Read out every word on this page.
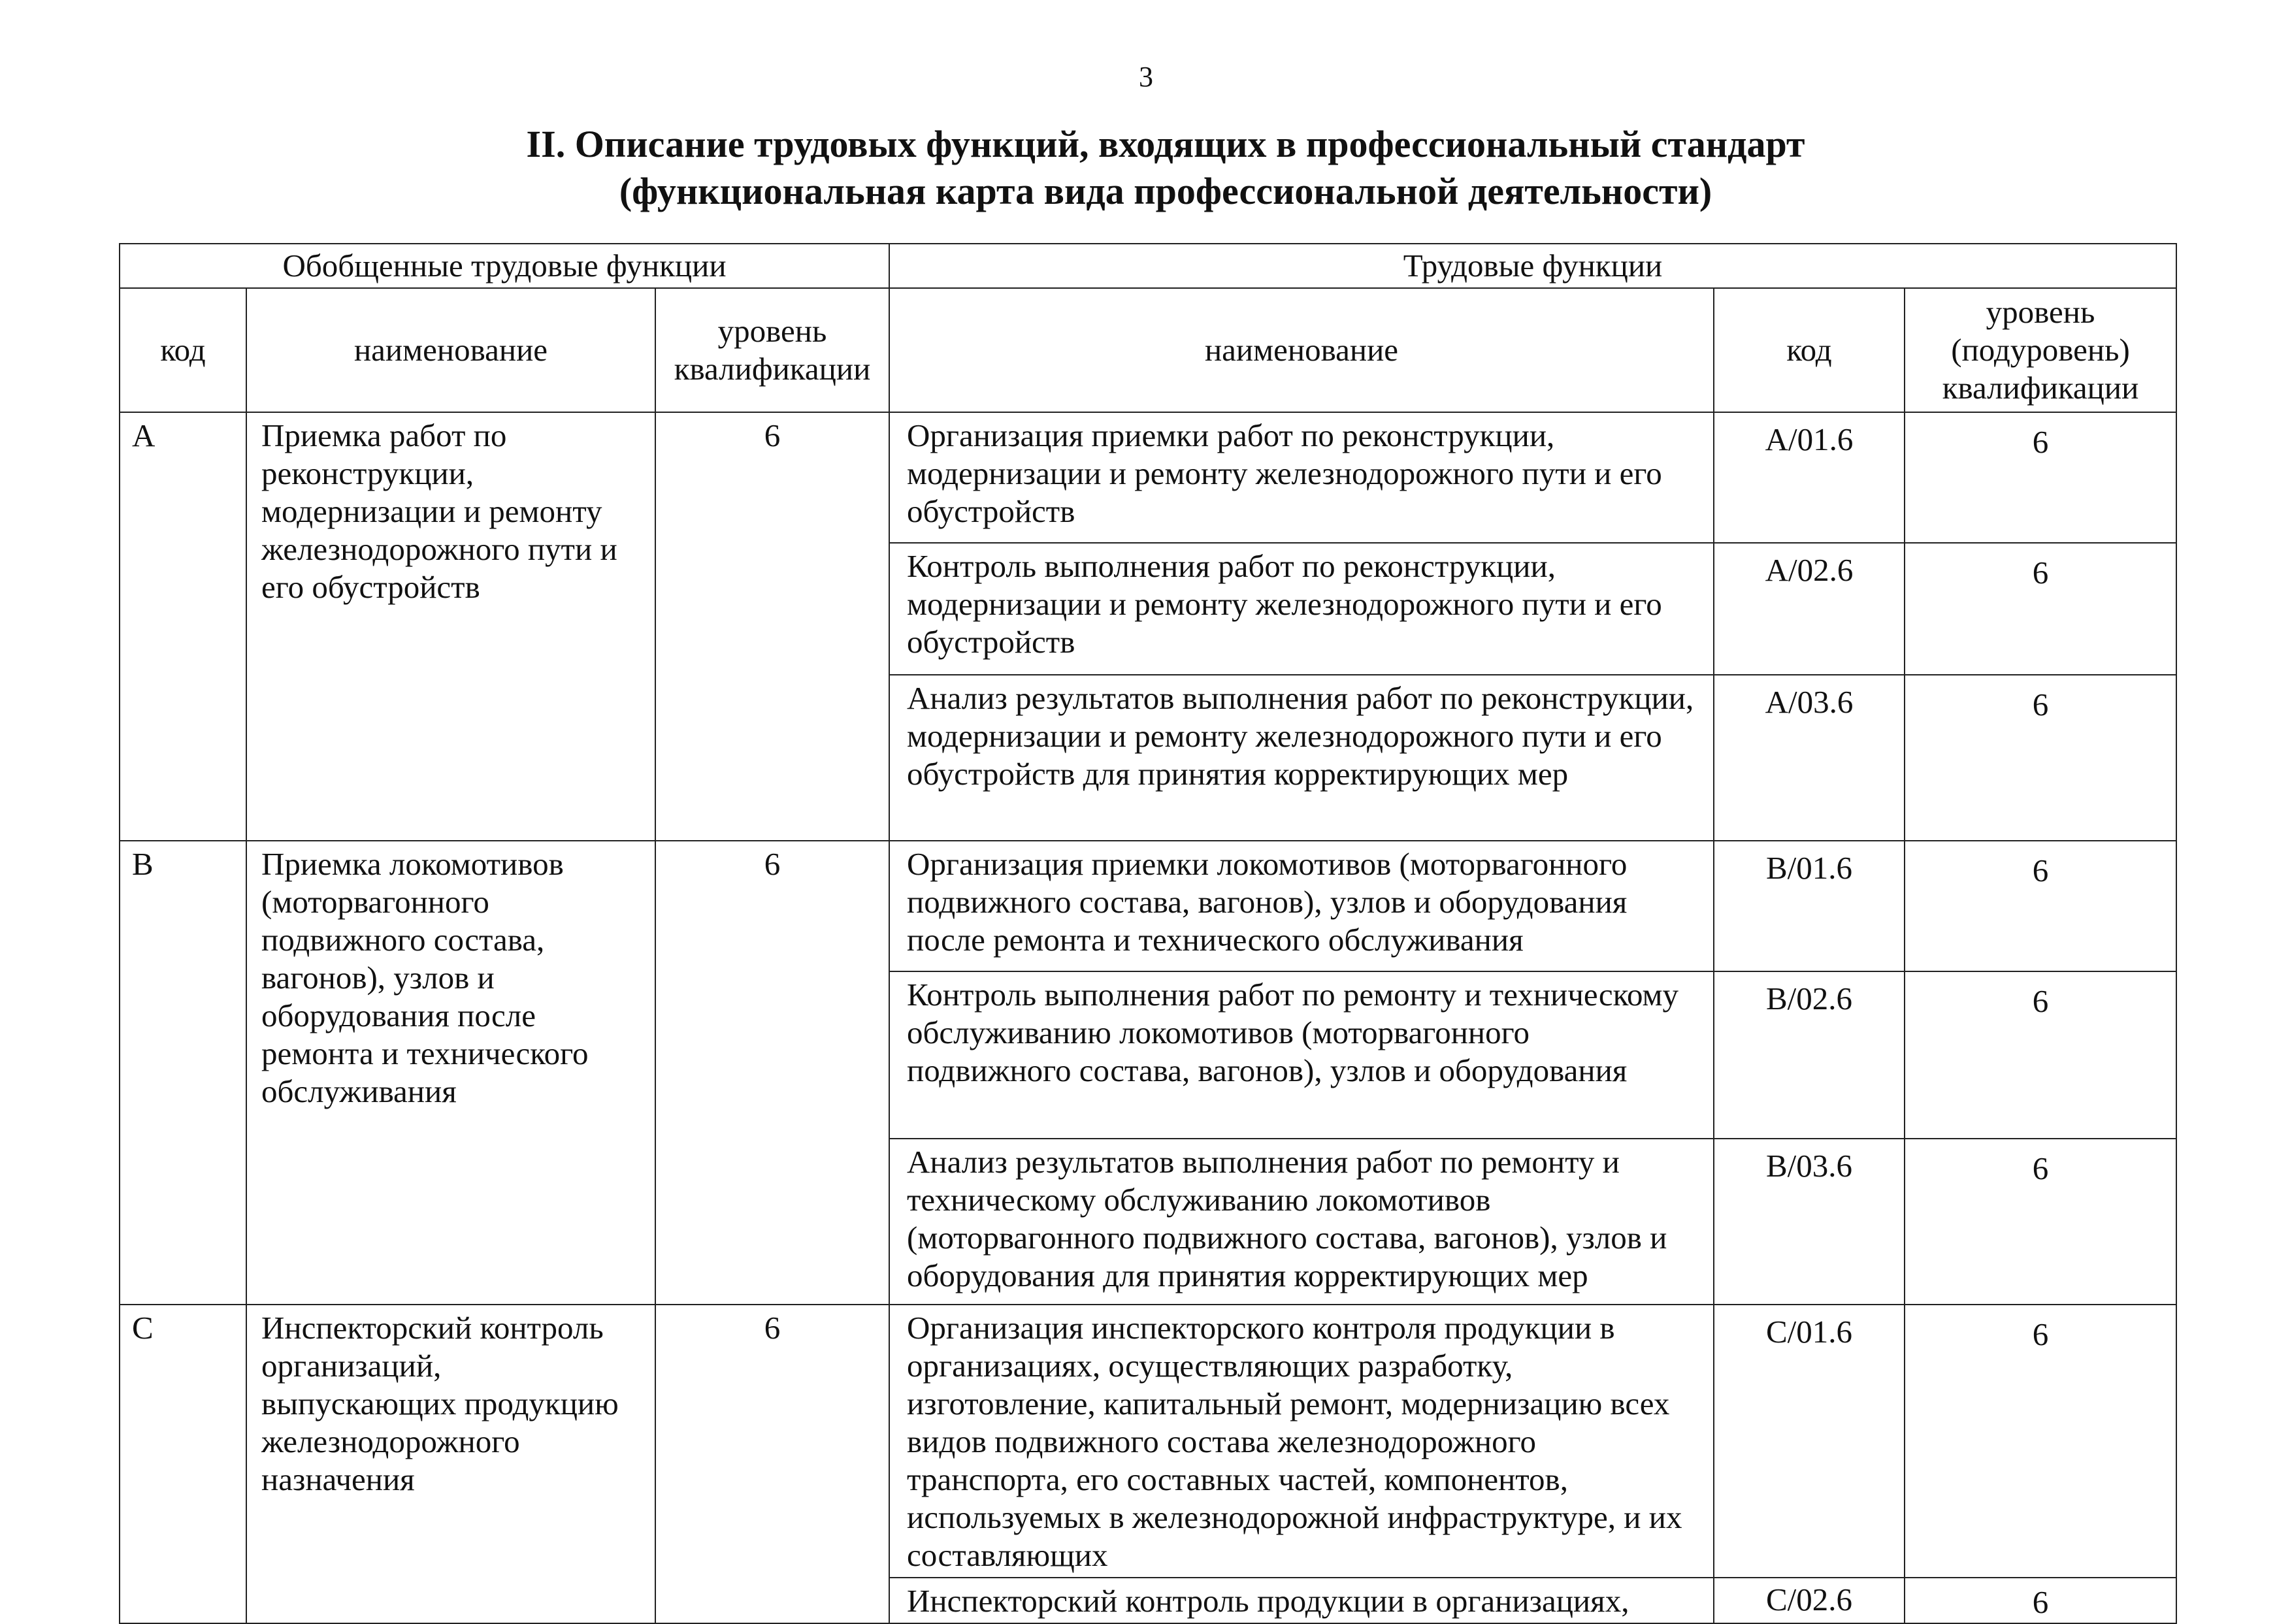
3
II. Описание трудовых функций, входящих в профессиональный стандарт
(функциональная карта вида профессиональной деятельности)
Обобщенные трудовые функции			Трудовые функции		
код	наименование	уровень квалификации	наименование	код	уровень (подуровень) квалификации
A	Приемка работ по реконструкции, модернизации и ремонту железнодорожного пути и его обустройств	6	Организация приемки работ по реконструкции, модернизации и ремонту железнодорожного пути и его обустройств	A/01.6	6
			Контроль выполнения работ по реконструкции, модернизации и ремонту железнодорожного пути и его обустройств	A/02.6	6
			Анализ результатов выполнения работ по реконструкции, модернизации и ремонту железнодорожного пути и его обустройств для принятия корректирующих мер	A/03.6	6
B	Приемка локомотивов (моторвагонного подвижного состава, вагонов), узлов и оборудования после ремонта и технического обслуживания	6	Организация приемки локомотивов (моторвагонного подвижного состава, вагонов), узлов и оборудования после ремонта и технического обслуживания	B/01.6	6
			Контроль выполнения работ по ремонту и техническому обслуживанию локомотивов (моторвагонного подвижного состава, вагонов), узлов и оборудования	B/02.6	6
			Анализ результатов выполнения работ по ремонту и техническому обслуживанию локомотивов (моторвагонного подвижного состава, вагонов), узлов и оборудования для принятия корректирующих мер	B/03.6	6
C	Инспекторский контроль организаций, выпускающих продукцию железнодорожного назначения	6	Организация инспекторского контроля продукции в организациях, осуществляющих разработку, изготовление, капитальный ремонт, модернизацию всех видов подвижного состава железнодорожного транспорта, его составных частей, компонентов, используемых в железнодорожной инфраструктуре, и их составляющих	C/01.6	6
			Инспекторский контроль продукции в организациях,	C/02.6	6
